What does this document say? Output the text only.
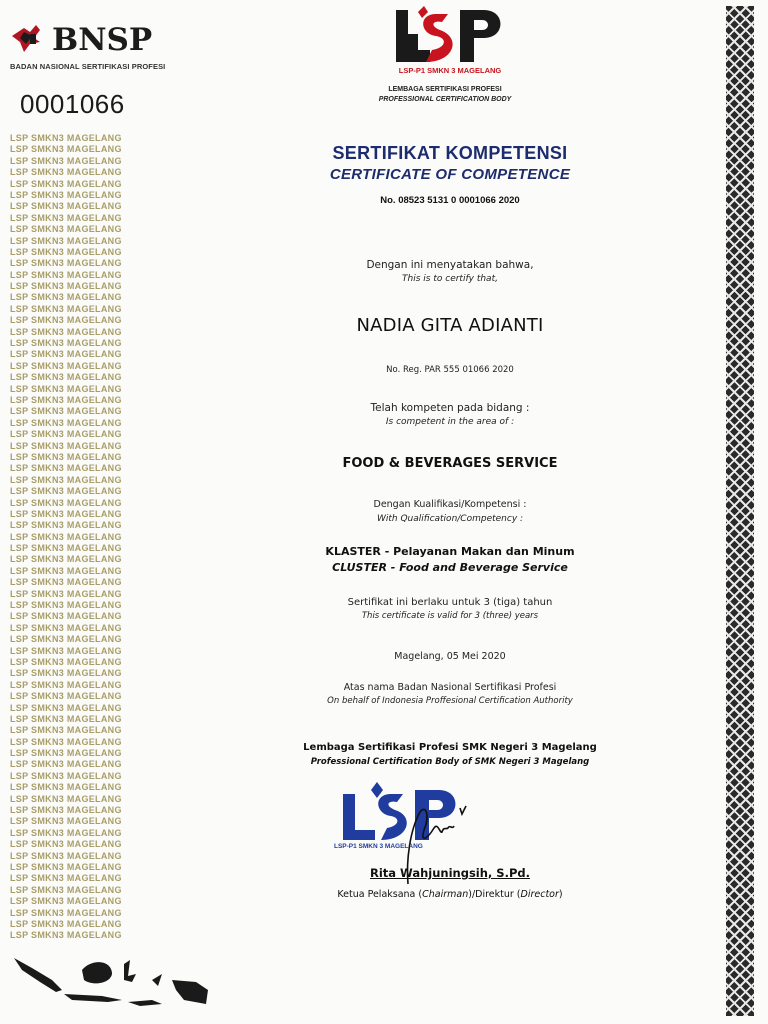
BNSP
BADAN NASIONAL SERTIFIKASI PROFESI
0001066
LSP SMKN3 MAGELANG
LSP SMKN3 MAGELANG
LSP SMKN3 MAGELANG
LSP SMKN3 MAGELANG
LSP SMKN3 MAGELANG
LSP SMKN3 MAGELANG
LSP SMKN3 MAGELANG
LSP SMKN3 MAGELANG
LSP SMKN3 MAGELANG
LSP SMKN3 MAGELANG
LSP SMKN3 MAGELANG
LSP SMKN3 MAGELANG
LSP SMKN3 MAGELANG
LSP SMKN3 MAGELANG
LSP SMKN3 MAGELANG
LSP SMKN3 MAGELANG
LSP SMKN3 MAGELANG
LSP SMKN3 MAGELANG
LSP SMKN3 MAGELANG
LSP SMKN3 MAGELANG
LSP SMKN3 MAGELANG
LSP SMKN3 MAGELANG
LSP SMKN3 MAGELANG
LSP SMKN3 MAGELANG
LSP SMKN3 MAGELANG
LSP SMKN3 MAGELANG
LSP SMKN3 MAGELANG
LSP SMKN3 MAGELANG
LSP SMKN3 MAGELANG
LSP SMKN3 MAGELANG
LSP SMKN3 MAGELANG
LSP SMKN3 MAGELANG
LSP SMKN3 MAGELANG
LSP SMKN3 MAGELANG
LSP SMKN3 MAGELANG
LSP SMKN3 MAGELANG
LSP SMKN3 MAGELANG
LSP SMKN3 MAGELANG
LSP SMKN3 MAGELANG
LSP SMKN3 MAGELANG
LSP SMKN3 MAGELANG
LSP SMKN3 MAGELANG
LSP SMKN3 MAGELANG
LSP SMKN3 MAGELANG
LSP SMKN3 MAGELANG
LSP SMKN3 MAGELANG
LSP SMKN3 MAGELANG
LSP SMKN3 MAGELANG
LSP SMKN3 MAGELANG
LSP SMKN3 MAGELANG
LSP SMKN3 MAGELANG
LSP SMKN3 MAGELANG
LSP SMKN3 MAGELANG
LSP SMKN3 MAGELANG
LSP SMKN3 MAGELANG
LSP SMKN3 MAGELANG
LSP SMKN3 MAGELANG
LSP SMKN3 MAGELANG
LSP SMKN3 MAGELANG
LSP SMKN3 MAGELANG
LSP SMKN3 MAGELANG
LSP SMKN3 MAGELANG
LSP SMKN3 MAGELANG
LSP SMKN3 MAGELANG
LSP SMKN3 MAGELANG
LSP SMKN3 MAGELANG
LSP SMKN3 MAGELANG
LSP SMKN3 MAGELANG
LSP SMKN3 MAGELANG
LSP SMKN3 MAGELANG
LSP SMKN3 MAGELANG
LSP-P1 SMKN 3 MAGELANG
LEMBAGA SERTIFIKASI PROFESI
PROFESSIONAL CERTIFICATION BODY
SERTIFIKAT KOMPETENSI
CERTIFICATE OF COMPETENCE
No. 08523 5131 0 0001066 2020
Dengan ini menyatakan bahwa,
This is to certify that,
NADIA GITA ADIANTI
No. Reg. PAR 555 01066 2020
Telah kompeten pada bidang :
Is competent in the area of :
FOOD & BEVERAGES SERVICE
Dengan Kualifikasi/Kompetensi :
With Qualification/Competency :
KLASTER - Pelayanan Makan dan Minum
CLUSTER - Food and Beverage Service
Sertifikat ini berlaku untuk 3 (tiga) tahun
This certificate is valid for 3 (three) years
Magelang, 05 Mei 2020
Atas nama Badan Nasional Sertifikasi Profesi
On behalf of Indonesia Proffesional Certification Authority
Lembaga Sertifikasi Profesi SMK Negeri 3 Magelang
Professional Certification Body of SMK Negeri 3 Magelang
LSP-P1 SMKN 3 MAGELANG
Rita Wahjuningsih, S.Pd.
Ketua Pelaksana (Chairman)/Direktur (Director)
